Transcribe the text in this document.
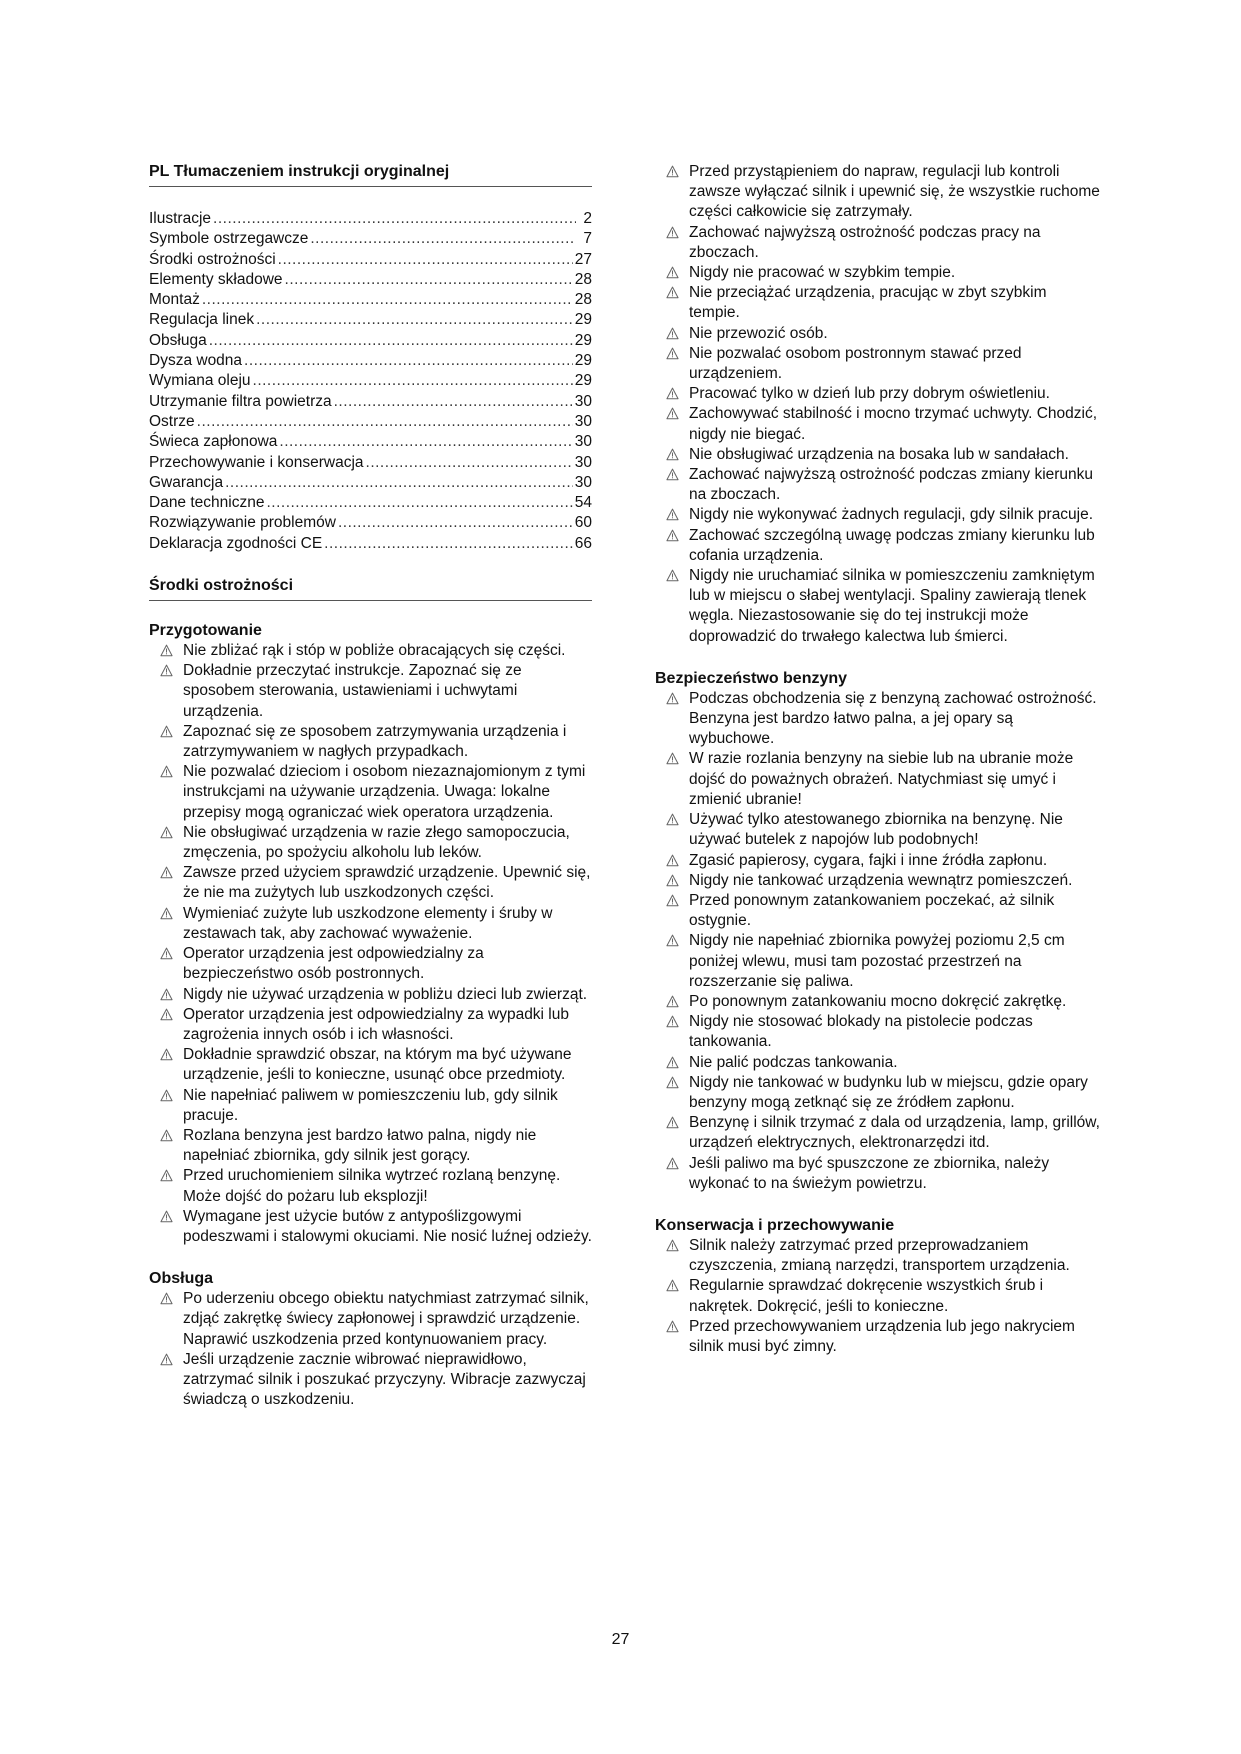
PL Tłumaczeniem instrukcji oryginalnej
Ilustracje .....	2
Symbole ostrzegawcze .....	7
Środki ostrożności .....	27
Elementy składowe .....	28
Montaż .....	28
Regulacja linek .....	29
Obsługa .....	29
Dysza wodna .....	29
Wymiana oleju .....	29
Utrzymanie filtra powietrza .....	30
Ostrze .....	30
Świeca zapłonowa .....	30
Przechowywanie i konserwacja .....	30
Gwarancja .....	30
Dane techniczne .....	54
Rozwiązywanie problemów .....	60
Deklaracja zgodności CE .....	66
Środki ostrożności
Przygotowanie
Nie zbliżać rąk i stóp w pobliże obracających się części.
Dokładnie przeczytać instrukcje. Zapoznać się ze sposobem sterowania, ustawieniami i uchwytami urządzenia.
Zapoznać się ze sposobem zatrzymywania urządzenia i zatrzymywaniem w nagłych przypadkach.
Nie pozwalać dzieciom i osobom niezaznajomionym z tymi instrukcjami na używanie urządzenia. Uwaga: lokalne przepisy mogą ograniczać wiek operatora urządzenia.
Nie obsługiwać urządzenia w razie złego samopoczucia, zmęczenia, po spożyciu alkoholu lub leków.
Zawsze przed użyciem sprawdzić urządzenie. Upewnić się, że nie ma zużytych lub uszkodzonych części.
Wymieniać zużyte lub uszkodzone elementy i śruby w zestawach tak, aby zachować wyważenie.
Operator urządzenia jest odpowiedzialny za bezpieczeństwo osób postronnych.
Nigdy nie używać urządzenia w pobliżu dzieci lub zwierząt.
Operator urządzenia jest odpowiedzialny za wypadki lub zagrożenia innych osób i ich własności.
Dokładnie sprawdzić obszar, na którym ma być używane urządzenie, jeśli to konieczne, usunąć obce przedmioty.
Nie napełniać paliwem w pomieszczeniu lub, gdy silnik pracuje.
Rozlana benzyna jest bardzo łatwo palna, nigdy nie napełniać zbiornika, gdy silnik jest gorący.
Przed uruchomieniem silnika wytrzeć rozlaną benzynę. Może dojść do pożaru lub eksplozji!
Wymagane jest użycie butów z antypoślizgowymi podeszwami i stalowymi okuciami. Nie nosić luźnej odzieży.
Obsługa
Po uderzeniu obcego obiektu natychmiast zatrzymać silnik, zdjąć zakrętkę świecy zapłonowej i sprawdzić urządzenie. Naprawić uszkodzenia przed kontynuowaniem pracy.
Jeśli urządzenie zacznie wibrować nieprawidłowo, zatrzymać silnik i poszukać przyczyny. Wibracje zazwyczaj świadczą o uszkodzeniu.
Przed przystąpieniem do napraw, regulacji lub kontroli zawsze wyłączać silnik i upewnić się, że wszystkie ruchome części całkowicie się zatrzymały.
Zachować najwyższą ostrożność podczas pracy na zboczach.
Nigdy nie pracować w szybkim tempie.
Nie przeciążać urządzenia, pracując w zbyt szybkim tempie.
Nie przewozić osób.
Nie pozwalać osobom postronnym stawać przed urządzeniem.
Pracować tylko w dzień lub przy dobrym oświetleniu.
Zachowywać stabilność i mocno trzymać uchwyty. Chodzić, nigdy nie biegać.
Nie obsługiwać urządzenia na bosaka lub w sandałach.
Zachować najwyższą ostrożność podczas zmiany kierunku na zboczach.
Nigdy nie wykonywać żadnych regulacji, gdy silnik pracuje.
Zachować szczególną uwagę podczas zmiany kierunku lub cofania urządzenia.
Nigdy nie uruchamiać silnika w pomieszczeniu zamkniętym lub w miejscu o słabej wentylacji. Spaliny zawierają tlenek węgla. Niezastosowanie się do tej instrukcji może doprowadzić do trwałego kalectwa lub śmierci.
Bezpieczeństwo benzyny
Podczas obchodzenia się z benzyną zachować ostrożność. Benzyna jest bardzo łatwo palna, a jej opary są wybuchowe.
W razie rozlania benzyny na siebie lub na ubranie może dojść do poważnych obrażeń. Natychmiast się umyć i zmienić ubranie!
Używać tylko atestowanego zbiornika na benzynę. Nie używać butelek z napojów lub podobnych!
Zgasić papierosy, cygara, fajki i inne źródła zapłonu.
Nigdy nie tankować urządzenia wewnątrz pomieszczeń.
Przed ponownym zatankowaniem poczekać, aż silnik ostygnie.
Nigdy nie napełniać zbiornika powyżej poziomu 2,5 cm poniżej wlewu, musi tam pozostać przestrzeń na rozszerzanie się paliwa.
Po ponownym zatankowaniu mocno dokręcić zakrętkę.
Nigdy nie stosować blokady na pistolecie podczas tankowania.
Nie palić podczas tankowania.
Nigdy nie tankować w budynku lub w miejscu, gdzie opary benzyny mogą zetknąć się ze źródłem zapłonu.
Benzynę i silnik trzymać z dala od urządzenia, lamp, grillów, urządzeń elektrycznych, elektronarzędzi itd.
Jeśli paliwo ma być spuszczone ze zbiornika, należy wykonać to na świeżym powietrzu.
Konserwacja i przechowywanie
Silnik należy zatrzymać przed przeprowadzaniem czyszczenia, zmianą narzędzi, transportem urządzenia.
Regularnie sprawdzać dokręcenie wszystkich śrub i nakrętek. Dokręcić, jeśli to konieczne.
Przed przechowywaniem urządzenia lub jego nakryciem silnik musi być zimny.
27
